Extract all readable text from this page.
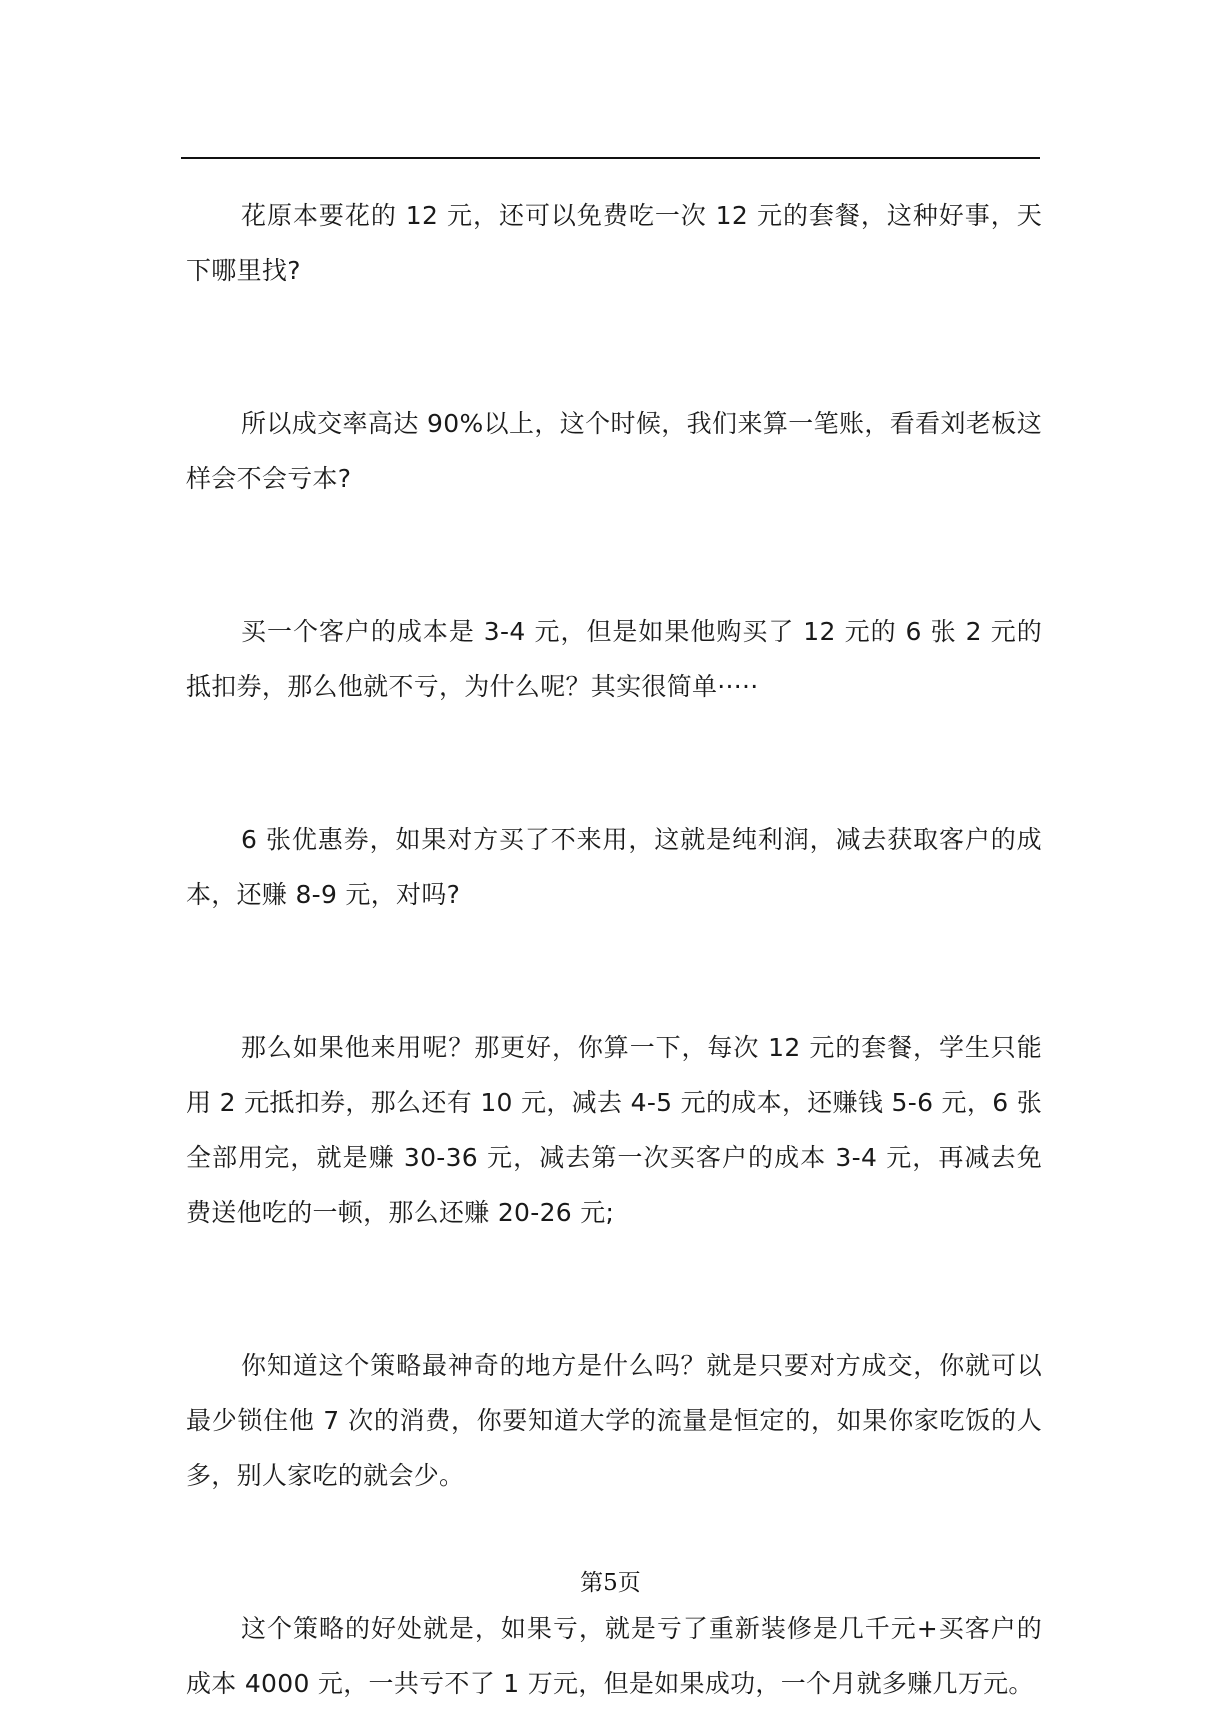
花原本要花的 12 元，还可以免费吃一次 12 元的套餐，这种好事，天下哪里找?

所以成交率高达 90%以上，这个时候，我们来算一笔账，看看刘老板这样会不会亏本?

买一个客户的成本是 3-4 元，但是如果他购买了 12 元的 6 张 2 元的抵扣券，那么他就不亏，为什么呢？其实很简单·····

6 张优惠券，如果对方买了不来用，这就是纯利润，减去获取客户的成本，还赚 8-9 元，对吗?

那么如果他来用呢？那更好，你算一下，每次 12 元的套餐，学生只能用 2 元抵扣券，那么还有 10 元，减去 4-5 元的成本，还赚钱 5-6 元，6 张全部用完，就是赚 30-36 元，减去第一次买客户的成本 3-4 元，再减去免费送他吃的一顿，那么还赚 20-26 元;

你知道这个策略最神奇的地方是什么吗？就是只要对方成交，你就可以最少锁住他 7 次的消费，你要知道大学的流量是恒定的，如果你家吃饭的人多，别人家吃的就会少。

这个策略的好处就是，如果亏，就是亏了重新装修是几千元+买客户的成本 4000 元，一共亏不了 1 万元，但是如果成功，一个月就多赚几万元。

第5页
